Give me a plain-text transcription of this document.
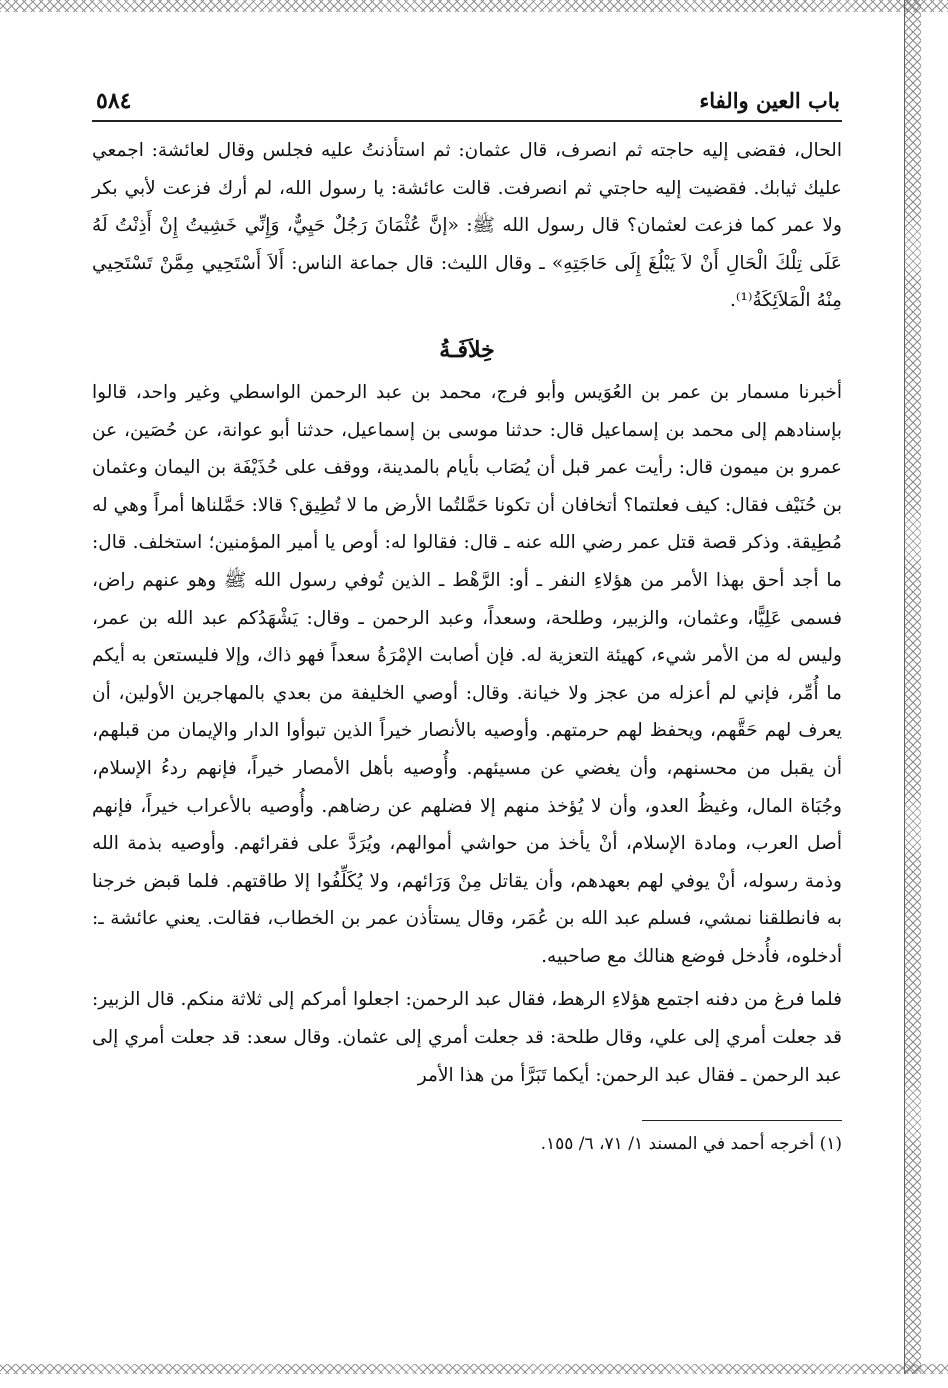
باب العين والفاء
٥٨٤

الحال، فقضى إليه حاجته ثم انصرف، قال عثمان: ثم استأذنتُ عليه فجلس وقال لعائشة: اجمعي عليك ثيابك. فقضيت إليه حاجتي ثم انصرفت. قالت عائشة: يا رسول الله، لم أرك فزعت لأبي بكر ولا عمر كما فزعت لعثمان؟ قال رسول الله ﷺ: «إنَّ عُثْمَانَ رَجُلٌ حَيِيٌّ، وَإِنِّي خَشِيتُ إِنْ أَذِنْتُ لَهُ عَلَى تِلْكَ الْحَالِ أَنْ لاَ يَبْلُغَ إِلَى حَاجَتِهِ» ـ وقال الليث: قال جماعة الناس: أَلاَ أَسْتَحِيي مِمَّنْ تَسْتَحِيي مِنْهُ الْمَلاَئِكَةُ⁽¹⁾.

خِلاَفَـةُ

أخبرنا مسمار بن عمر بن العُوَيس وأبو فرج، محمد بن عبد الرحمن الواسطي وغير واحد، قالوا بإسنادهم إلى محمد بن إسماعيل قال: حدثنا موسى بن إسماعيل، حدثنا أبو عوانة، عن حُصَين، عن عمرو بن ميمون قال: رأيت عمر قبل أن يُصَاب بأيام بالمدينة، ووقف على حُذَيْفَة بن اليمان وعثمان بن حُنَيْف فقال: كيف فعلتما؟ أتخافان أن تكونا حَمَّلتُما الأرض ما لا تُطِيق؟ قالا: حَمَّلناها أمراً وهي له مُطِيقة. وذكر قصة قتل عمر رضي الله عنه ـ قال: فقالوا له: أوص يا أمير المؤمنين؛ استخلف. قال: ما أجد أحق بهذا الأمر من هؤلاءِ النفر ـ أو: الرَّهْط ـ الذين تُوفي رسول الله ﷺ وهو عنهم راض، فسمى عَلِيًّا، وعثمان، والزبير، وطلحة، وسعداً، وعبد الرحمن ـ وقال: يَشْهَدُكم عبد الله بن عمر، وليس له من الأمر شيء، كهيئة التعزية له. فإن أصابت الإمْرَةُ سعداً فهو ذاك، وإلا فليستعن به أيكم ما أُمِّر، فإني لم أعزله من عجز ولا خيانة. وقال: أوصي الخليفة من بعدي بالمهاجرين الأولين، أن يعرف لهم حَقَّهم، ويحفظ لهم حرمتهم. وأوصيه بالأنصار خيراً الذين تبوأوا الدار والإيمان من قبلهم، أن يقبل من محسنهم، وأن يغضي عن مسيئهم. وأُوصيه بأهل الأمصار خيراً، فإنهم ردءُ الإسلام، وجُبَاة المال، وغيظُ العدو، وأن لا يُؤخذ منهم إلا فضلهم عن رضاهم. وأُوصيه بالأعراب خيراً، فإنهم أصل العرب، ومادة الإسلام، أنْ يأخذ من حواشي أموالهم، ويُرَدَّ على فقرائهم. وأوصيه بذمة الله وذمة رسوله، أنْ يوفي لهم بعهدهم، وأن يقاتل مِنْ وَرَائهم، ولا يُكَلِّفُوا إلا طاقتهم. فلما قبض خرجنا به فانطلقنا نمشي، فسلم عبد الله بن عُمَر، وقال يستأذن عمر بن الخطاب، فقالت. يعني عائشة ـ: أدخلوه، فأُدخل فوضع هنالك مع صاحبيه.

فلما فرغ من دفنه اجتمع هؤلاءِ الرهط، فقال عبد الرحمن: اجعلوا أمركم إلى ثلاثة منكم. قال الزبير: قد جعلت أمري إلى علي، وقال طلحة: قد جعلت أمري إلى عثمان. وقال سعد: قد جعلت أمري إلى عبد الرحمن ـ فقال عبد الرحمن: أيكما تَبَرَّأ من هذا الأمر

(١) أخرجه أحمد في المسند ١/ ٧١، ٦/ ١٥٥.
